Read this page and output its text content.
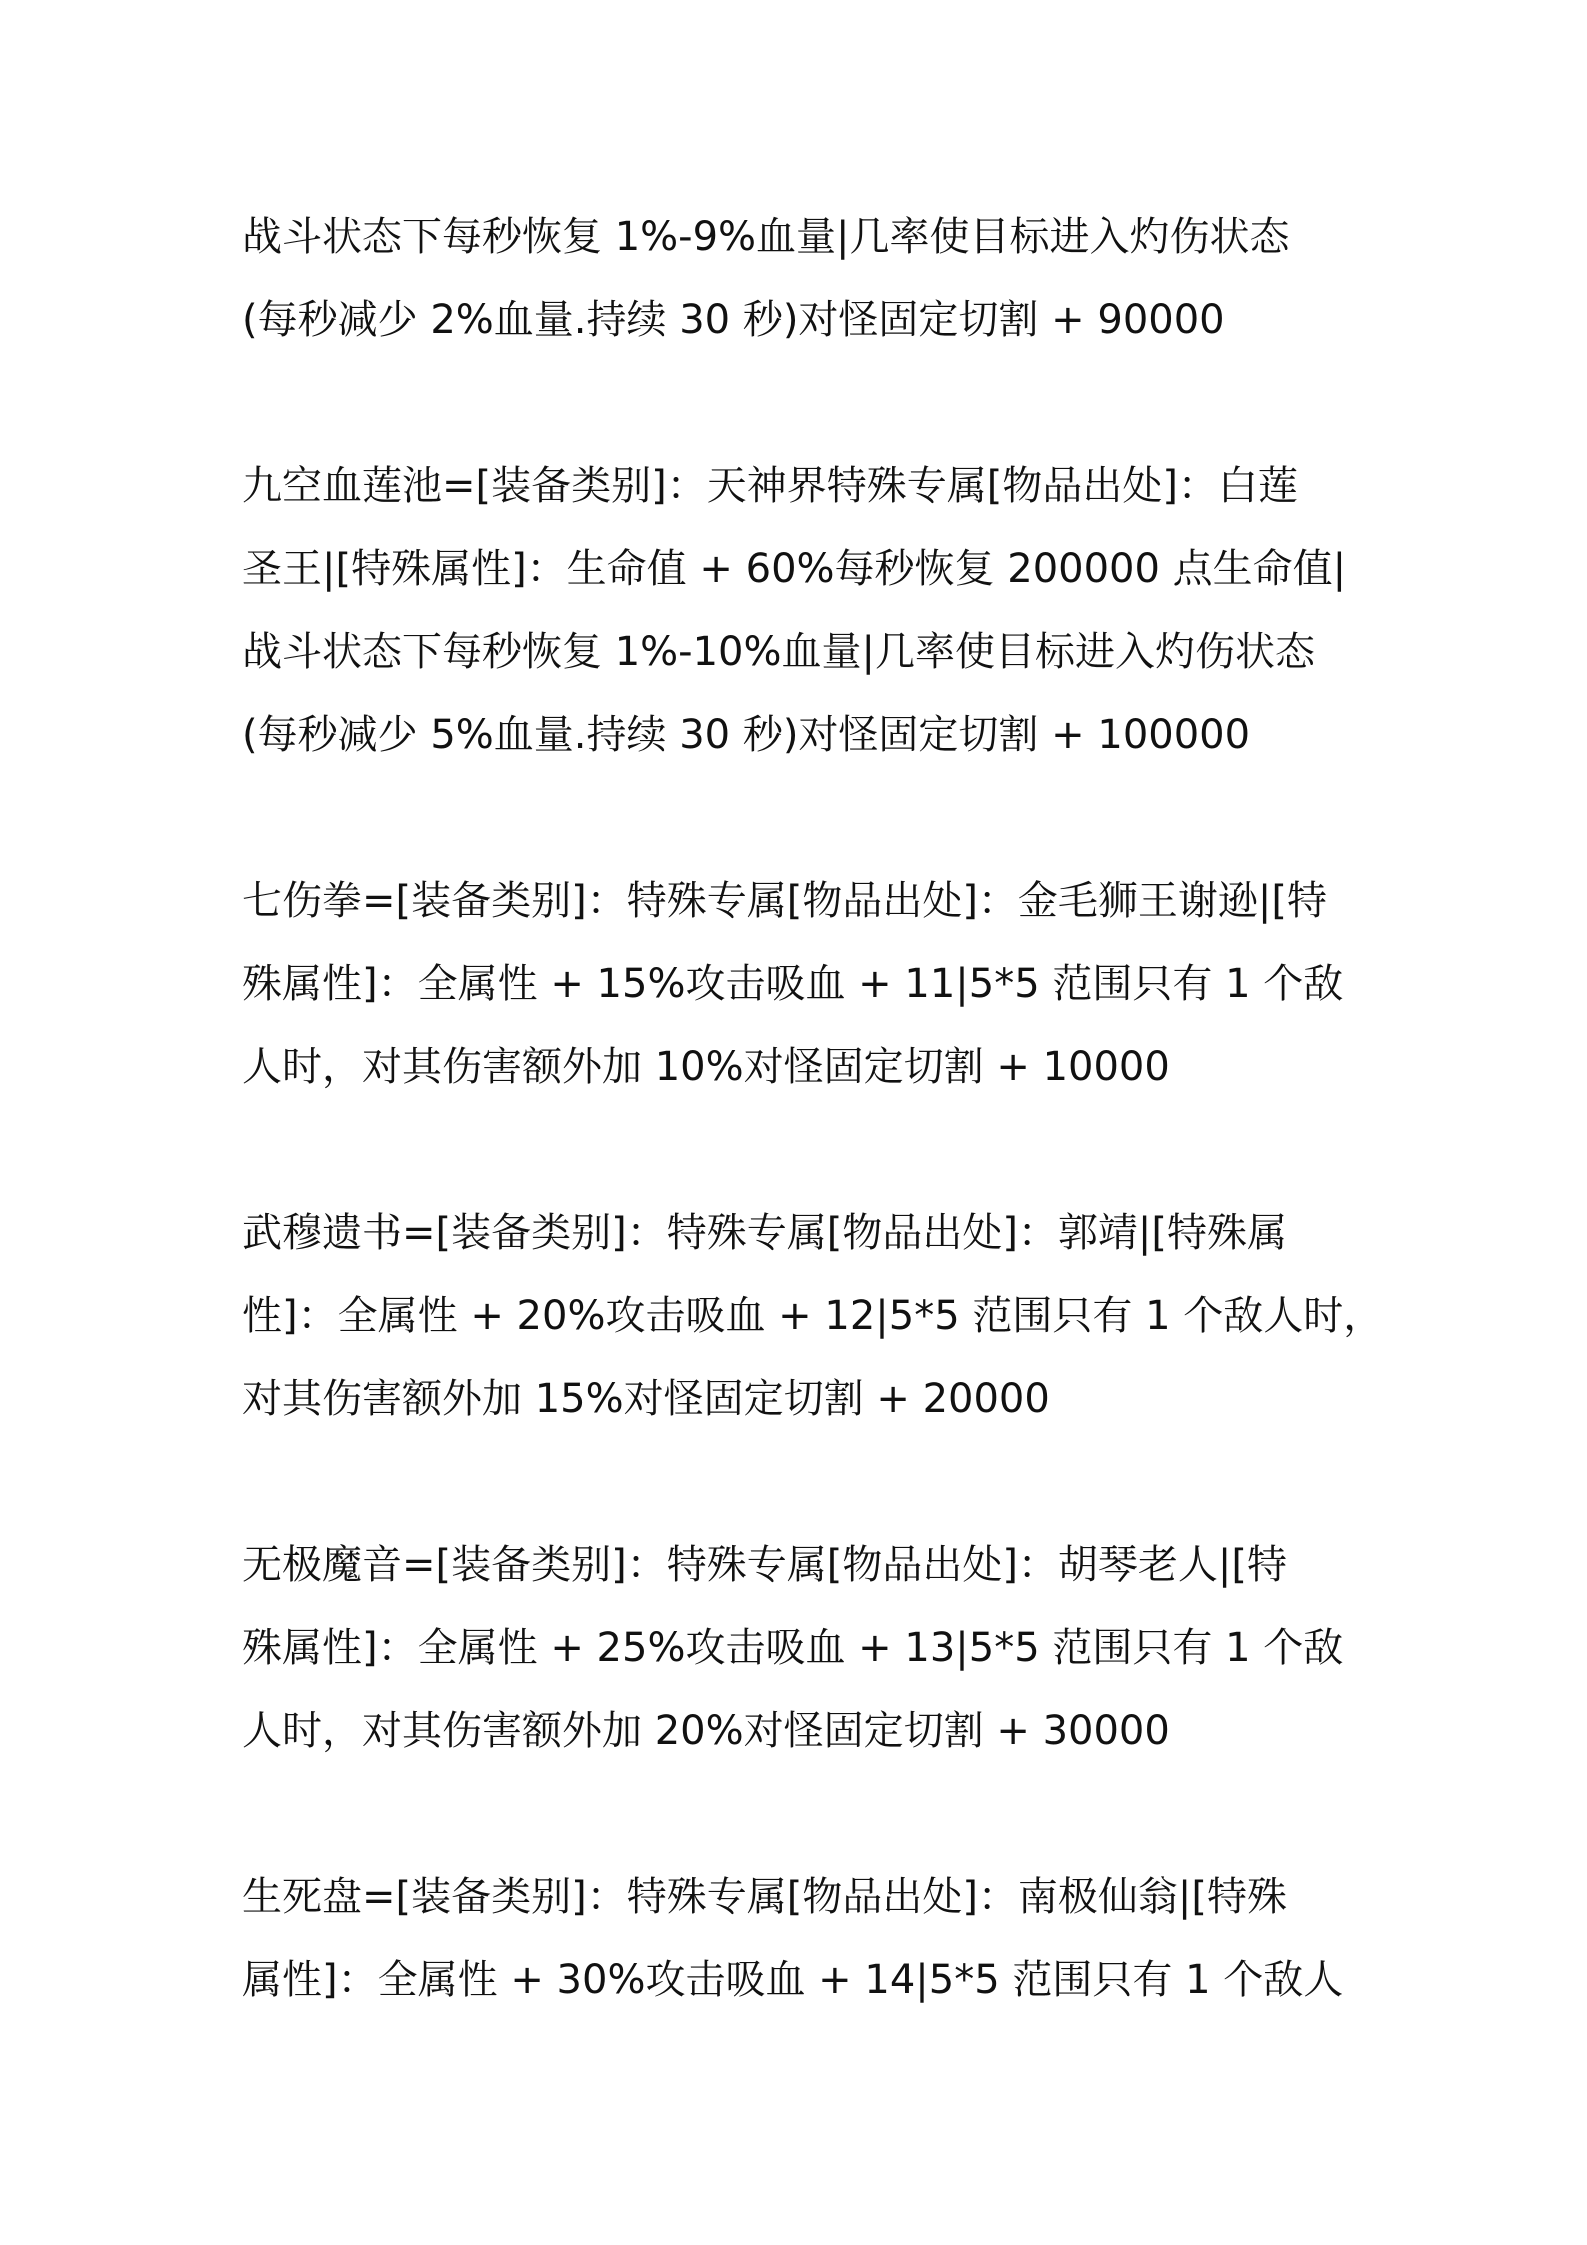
战斗状态下每秒恢复 1%-9%血量|几率使目标进入灼伤状态
(每秒减少 2%血量.持续 30 秒)对怪固定切割 + 90000

九空血莲池=[装备类别]：天神界特殊专属[物品出处]：白莲
圣王|[特殊属性]：生命值 + 60%每秒恢复 200000 点生命值|
战斗状态下每秒恢复 1%-10%血量|几率使目标进入灼伤状态
(每秒减少 5%血量.持续 30 秒)对怪固定切割 + 100000

七伤拳=[装备类别]：特殊专属[物品出处]：金毛狮王谢逊|[特
殊属性]：全属性 + 15%攻击吸血 + 11|5*5 范围只有 1 个敌
人时，对其伤害额外加 10%对怪固定切割 + 10000

武穆遗书=[装备类别]：特殊专属[物品出处]：郭靖|[特殊属
性]：全属性 + 20%攻击吸血 + 12|5*5 范围只有 1 个敌人时，
对其伤害额外加 15%对怪固定切割 + 20000

无极魔音=[装备类别]：特殊专属[物品出处]：胡琴老人|[特
殊属性]：全属性 + 25%攻击吸血 + 13|5*5 范围只有 1 个敌
人时，对其伤害额外加 20%对怪固定切割 + 30000

生死盘=[装备类别]：特殊专属[物品出处]：南极仙翁|[特殊
属性]：全属性 + 30%攻击吸血 + 14|5*5 范围只有 1 个敌人
